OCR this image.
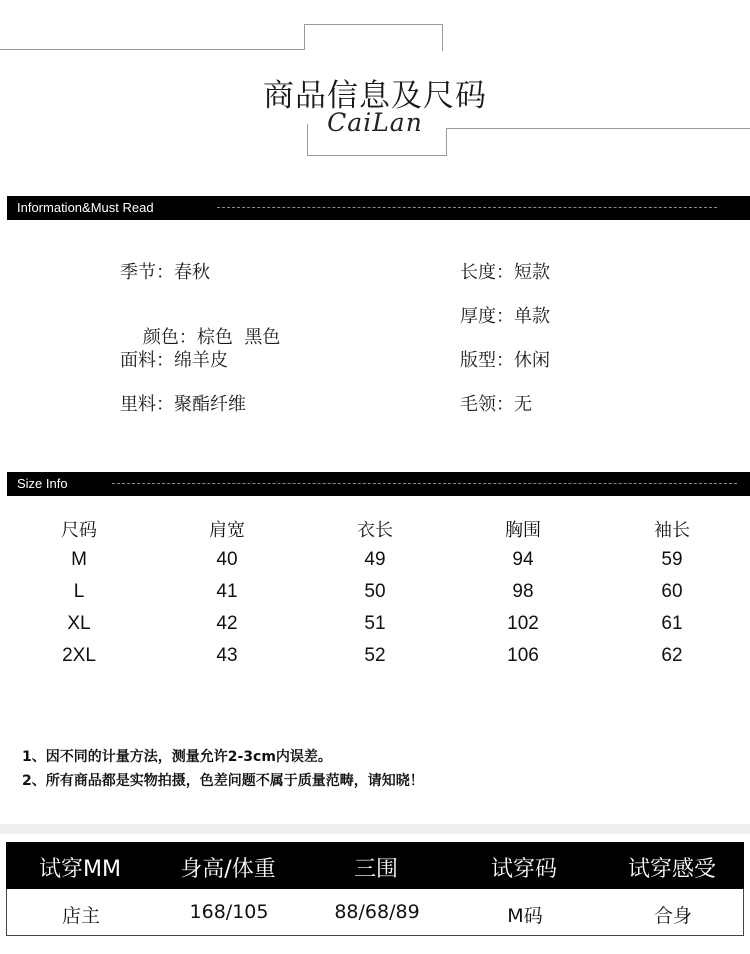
商品信息及尺码
CaiLan
Information&Must Read
季节：春秋	长度：短款

颜色：棕色  黑色

厚度：单款
面料：绵羊皮	版型：休闲
里料：聚酯纤维	毛领：无
Size Info
尺码	肩宽	衣长	胸围	袖长
M	40	49	94	59
L	41	50	98	60
XL	42	51	102	61
2XL	43	52	106	62
1、因不同的计量方法，测量允许2-3cm内误差。
2、所有商品都是实物拍摄，色差问题不属于质量范畴，请知晓！
试穿MM	身高/体重	三围	试穿码	试穿感受
店主	168/105	88/68/89	M码	合身
